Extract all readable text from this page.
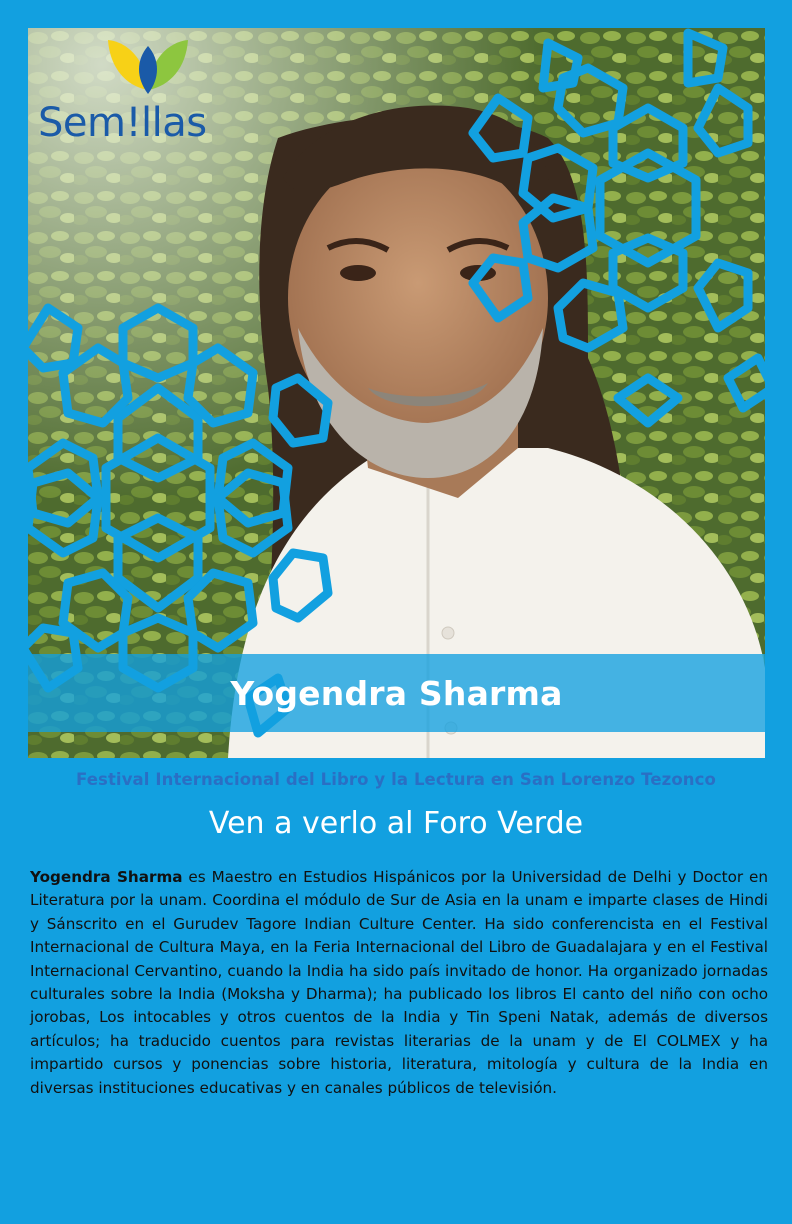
Sem!llas
Yogendra Sharma
Festival Internacional del Libro y la Lectura en San Lorenzo Tezonco
Ven a verlo al Foro Verde

Yogendra Sharma es Maestro en Estudios Hispánicos por la Universidad de Delhi y Doctor en Literatura por la unam. Coordina el módulo de Sur de Asia en la unam e imparte clases de Hindi y Sánscrito en el Gurudev Tagore Indian Culture Center. Ha sido conferencista en el Festival Internacional de Cultura Maya, en la Feria Internacional del Libro de Guadalajara y en el Festival Internacional Cervantino, cuando la India ha sido país invitado de honor. Ha organizado jornadas culturales sobre la India (Moksha y Dharma); ha publicado los libros El canto del niño con ocho jorobas, Los intocables y otros cuentos de la India y Tin Speni Natak, además de diversos artículos; ha traducido cuentos para revistas literarias de la unam y de El COLMEX y ha impartido cursos y ponencias sobre historia, literatura, mitología y cultura de la India en diversas instituciones educativas y en canales públicos de televisión.
